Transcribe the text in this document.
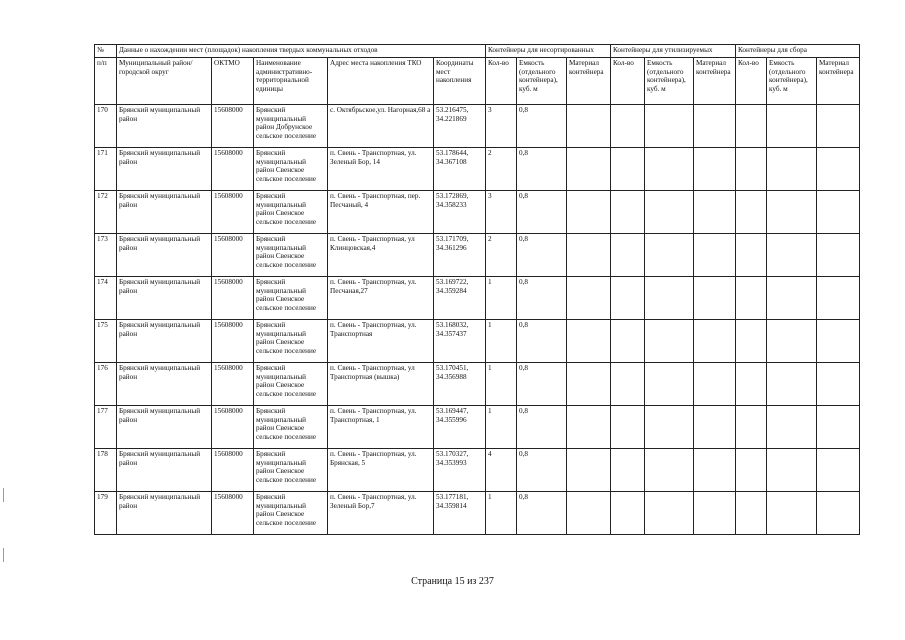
№	Данные о нахождении мест (площадок) накопления твердых коммунальных отходов					Контейнеры для несортированных			Контейнеры для утилизируемых			Контейнеры для сбора		
п/п	Муниципальный район/городской округ	ОКТМО	Наименование административно-территориальной единицы	Адрес места накопления ТКО	Координаты мест накопления	Кол-во	Емкость (отдельного контейнера), куб. м	Материал контейнера	Кол-во	Емкость (отдельного контейнера), куб. м	Материал контейнера	Кол-во	Емкость (отдельного контейнера), куб. м	Материал контейнера
170	Брянский муниципальный район	15608000	Брянский муниципальный район Добрунское сельское поселение	с. Октябрьское,ул. Нагорная,68 а	53.216475, 34.221869	3	0,8							
171	Брянский муниципальный район	15608000	Брянский муниципальный район Свенское сельское поселение	п. Свень - Транспортная, ул. Зеленый Бор, 14	53.178644, 34.367108	2	0,8							
172	Брянский муниципальный район	15608000	Брянский муниципальный район Свенское сельское поселение	п. Свень - Транспортная, пер. Песчаный, 4	53.172869, 34.358233	3	0,8							
173	Брянский муниципальный район	15608000	Брянский муниципальный район Свенское сельское поселение	п. Свень - Транспортная, ул Клинцовская,4	53.171709, 34.361296	2	0,8							
174	Брянский муниципальный район	15608000	Брянский муниципальный район Свенское сельское поселение	п. Свень - Транспортная, ул. Песчаная,27	53.169722, 34.359284	1	0,8							
175	Брянский муниципальный район	15608000	Брянский муниципальный район Свенское сельское поселение	п. Свень - Транспортная, ул. Транспортная	53.168032, 34.357437	1	0,8							
176	Брянский муниципальный район	15608000	Брянский муниципальный район Свенское сельское поселение	п. Свень - Транспортная, ул Транспортная (вышка)	53.170451, 34.356988	1	0,8							
177	Брянский муниципальный район	15608000	Брянский муниципальный район Свенское сельское поселение	п. Свень - Транспортная, ул. Транспортная, 1	53.169447, 34.355996	1	0,8							
178	Брянский муниципальный район	15608000	Брянский муниципальный район Свенское сельское поселение	п. Свень - Транспортная, ул. Брянская, 5	53.170327, 34.353993	4	0,8							
179	Брянский муниципальный район	15608000	Брянский муниципальный район Свенское сельское поселение	п. Свень - Транспортная, ул. Зеленый Бор,7	53.177181, 34.359814	1	0,8							
Страница 15 из 237
